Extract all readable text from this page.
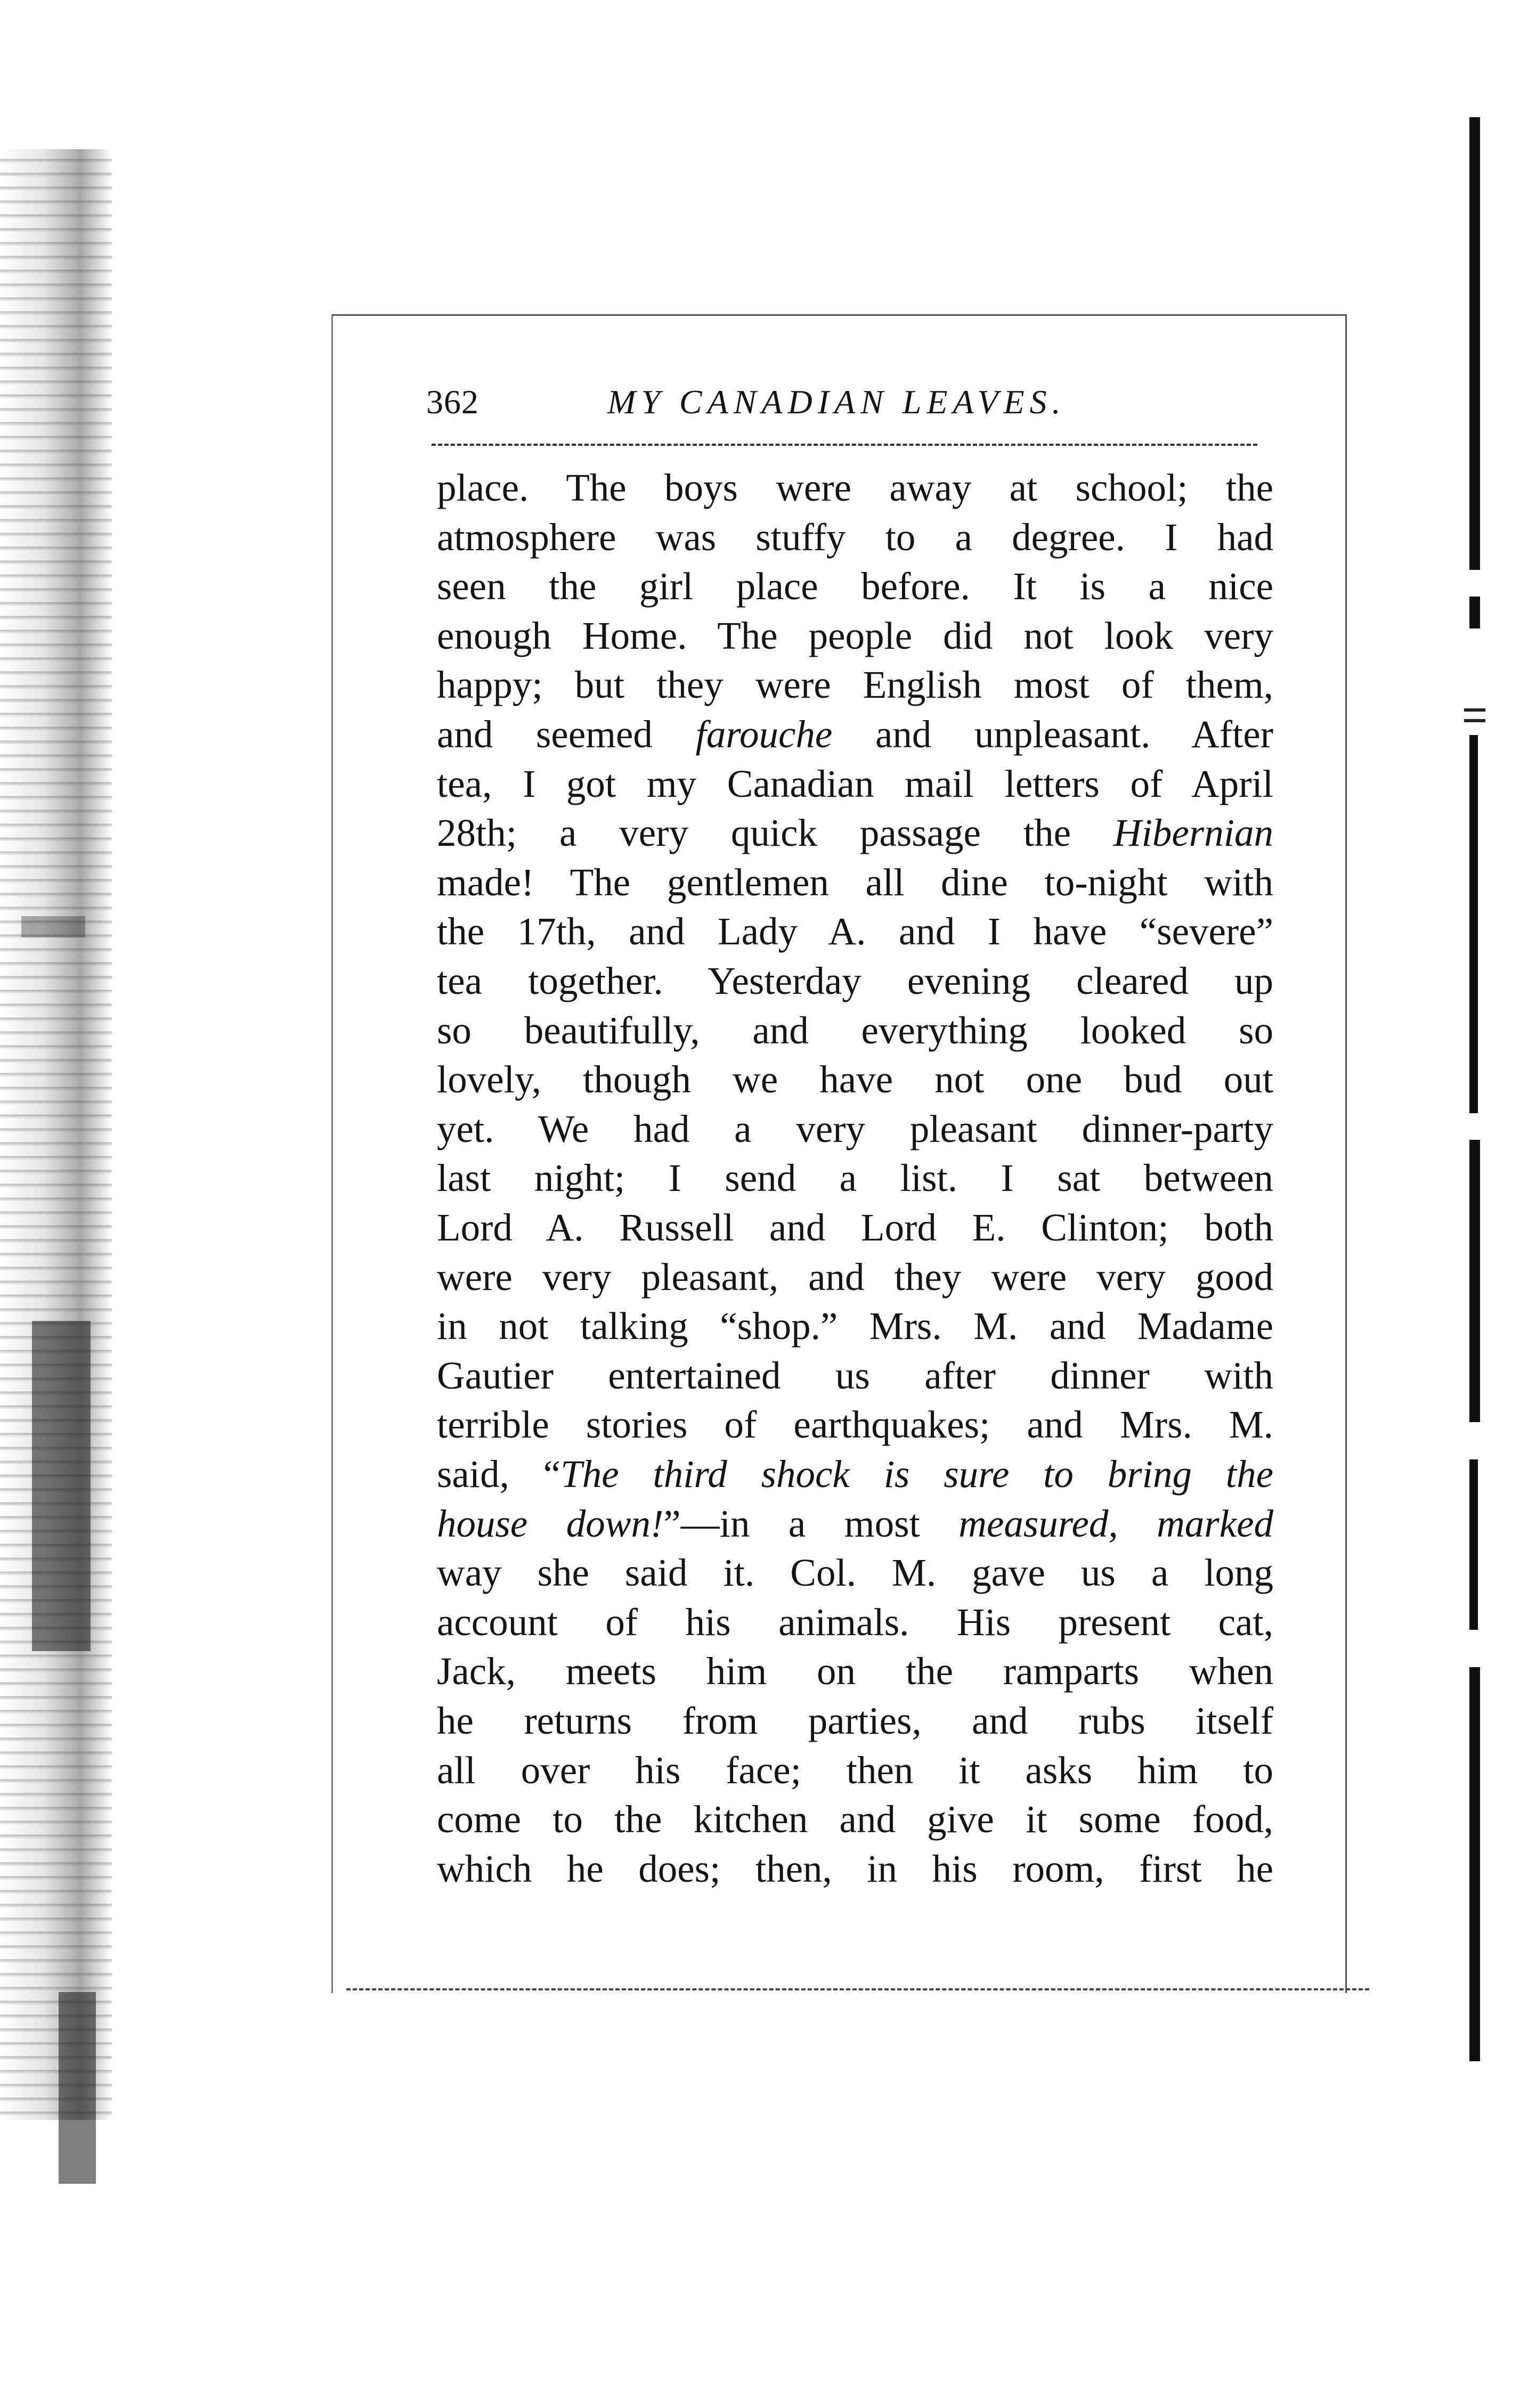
362	MY CANADIAN LEAVES.
place. The boys were away at school; the
atmosphere was stuffy to a degree. I had
seen the girl place before. It is a nice
enough Home. The people did not look very
happy; but they were English most of them,
and seemed farouche and unpleasant. After
tea, I got my Canadian mail letters of April
28th; a very quick passage the Hibernian
made! The gentlemen all dine to-night with
the 17th, and Lady A. and I have “severe”
tea together. Yesterday evening cleared up
so beautifully, and everything looked so
lovely, though we have not one bud out
yet. We had a very pleasant dinner-party
last night; I send a list. I sat between
Lord A. Russell and Lord E. Clinton; both
were very pleasant, and they were very good
in not talking “shop.” Mrs. M. and Madame
Gautier entertained us after dinner with
terrible stories of earthquakes; and Mrs. M.
said, “The third shock is sure to bring the
house down!”—in a most measured, marked
way she said it. Col. M. gave us a long
account of his animals. His present cat,
Jack, meets him on the ramparts when
he returns from parties, and rubs itself
all over his face; then it asks him to
come to the kitchen and give it some food,
which he does; then, in his room, first he
